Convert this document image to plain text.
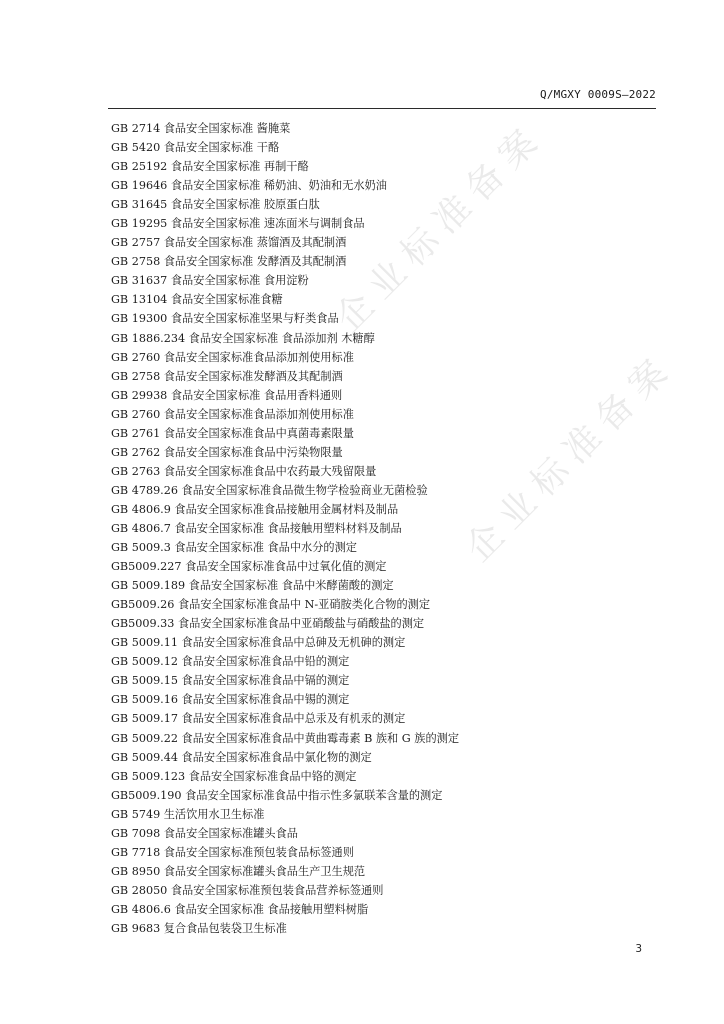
Q/MGXY 0009S—2022
企业标准备案
企业标准备案
GB 2714 食品安全国家标准 酱腌菜
GB 5420 食品安全国家标准 干酪
GB 25192 食品安全国家标准 再制干酪
GB 19646 食品安全国家标准 稀奶油、奶油和无水奶油
GB 31645 食品安全国家标准 胶原蛋白肽
GB 19295 食品安全国家标准 速冻面米与调制食品
GB 2757 食品安全国家标准 蒸馏酒及其配制酒
GB 2758 食品安全国家标准 发酵酒及其配制酒
GB 31637 食品安全国家标准 食用淀粉
GB 13104 食品安全国家标准食糖
GB 19300 食品安全国家标准坚果与籽类食品
GB 1886.234 食品安全国家标准 食品添加剂 木糖醇
GB 2760 食品安全国家标准食品添加剂使用标准
GB 2758 食品安全国家标准发酵酒及其配制酒
GB 29938 食品安全国家标准 食品用香料通则
GB 2760 食品安全国家标准食品添加剂使用标准
GB 2761 食品安全国家标准食品中真菌毒素限量
GB 2762 食品安全国家标准食品中污染物限量
GB 2763 食品安全国家标准食品中农药最大残留限量
GB 4789.26 食品安全国家标准食品微生物学检验商业无菌检验
GB 4806.9 食品安全国家标准食品接触用金属材料及制品
GB 4806.7 食品安全国家标准 食品接触用塑料材料及制品
GB 5009.3 食品安全国家标准 食品中水分的测定
GB5009.227 食品安全国家标准食品中过氧化值的测定
GB 5009.189 食品安全国家标准 食品中米酵菌酸的测定
GB5009.26 食品安全国家标准食品中 N-亚硝胺类化合物的测定
GB5009.33 食品安全国家标准食品中亚硝酸盐与硝酸盐的测定
GB 5009.11 食品安全国家标准食品中总砷及无机砷的测定
GB 5009.12 食品安全国家标准食品中铅的测定
GB 5009.15 食品安全国家标准食品中镉的测定
GB 5009.16 食品安全国家标准食品中锡的测定
GB 5009.17 食品安全国家标准食品中总汞及有机汞的测定
GB 5009.22 食品安全国家标准食品中黄曲霉毒素 B 族和 G 族的测定
GB 5009.44 食品安全国家标准食品中氯化物的测定
GB 5009.123 食品安全国家标准食品中铬的测定
GB5009.190 食品安全国家标准食品中指示性多氯联苯含量的测定
GB 5749 生活饮用水卫生标准
GB 7098 食品安全国家标准罐头食品
GB 7718 食品安全国家标准预包装食品标签通则
GB 8950 食品安全国家标准罐头食品生产卫生规范
GB 28050 食品安全国家标准预包装食品营养标签通则
GB 4806.6 食品安全国家标准 食品接触用塑料树脂
GB 9683 复合食品包装袋卫生标准
3
